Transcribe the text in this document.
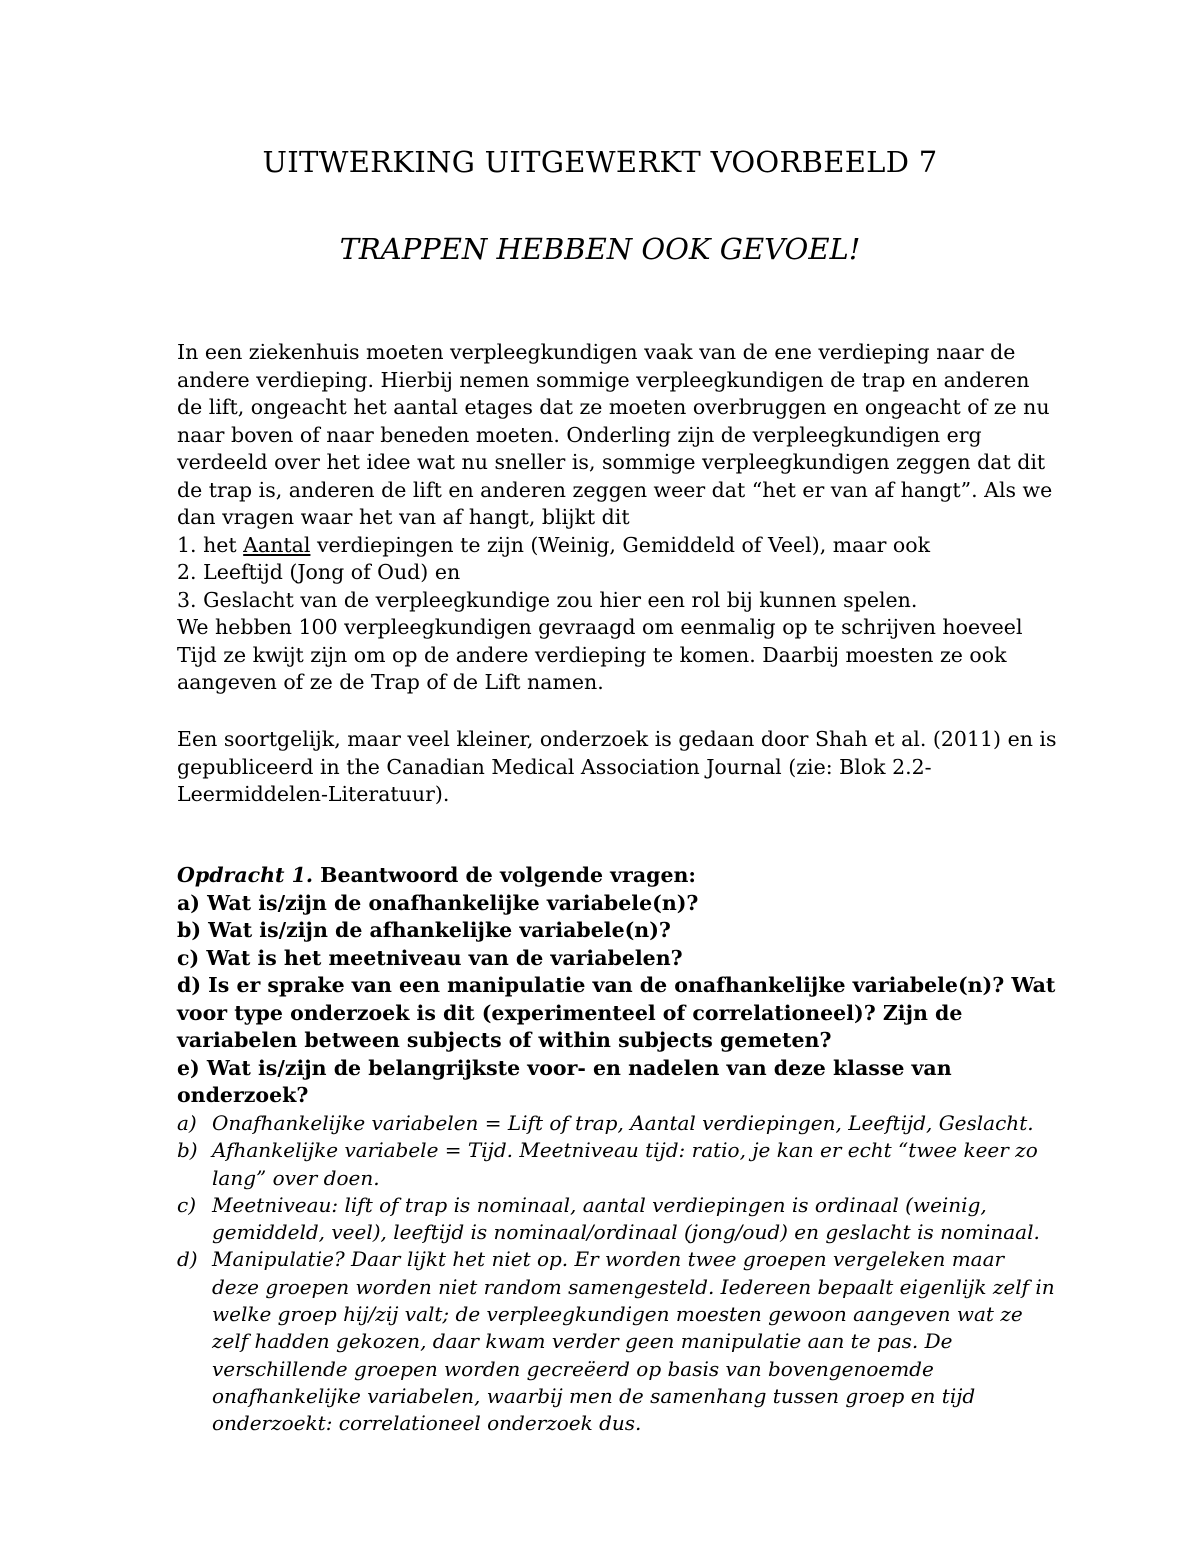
UITWERKING UITGEWERKT VOORBEELD 7
TRAPPEN HEBBEN OOK GEVOEL!

In een ziekenhuis moeten verpleegkundigen vaak van de ene verdieping naar de andere verdieping. Hierbij nemen sommige verpleegkundigen de trap en anderen de lift, ongeacht het aantal etages dat ze moeten overbruggen en ongeacht of ze nu naar boven of naar beneden moeten. Onderling zijn de verpleegkundigen erg verdeeld over het idee wat nu sneller is, sommige verpleegkundigen zeggen dat dit de trap is, anderen de lift en anderen zeggen weer dat “het er van af hangt”. Als we dan vragen waar het van af hangt, blijkt dit

1. het Aantal verdiepingen te zijn (Weinig, Gemiddeld of Veel), maar ook

2. Leeftijd (Jong of Oud) en

3. Geslacht van de verpleegkundige zou hier een rol bij kunnen spelen.

We hebben 100 verpleegkundigen gevraagd om eenmalig op te schrijven hoeveel Tijd ze kwijt zijn om op de andere verdieping te komen. Daarbij moesten ze ook aangeven of ze de Trap of de Lift namen.

Een soortgelijk, maar veel kleiner, onderzoek is gedaan door Shah et al. (2011) en is gepubliceerd in the Canadian Medical Association Journal (zie: Blok 2.2-Leermiddelen-Literatuur).

Opdracht 1. Beantwoord de volgende vragen:

a) Wat is/zijn de onafhankelijke variabele(n)?

b) Wat is/zijn de afhankelijke variabele(n)?

c) Wat is het meetniveau van de variabelen?

d) Is er sprake van een manipulatie van de onafhankelijke variabele(n)? Wat voor type onderzoek is dit (experimenteel of correlationeel)? Zijn de variabelen between subjects of within subjects gemeten?

e) Wat is/zijn de belangrijkste voor- en nadelen van deze klasse van onderzoek?

a) Onafhankelijke variabelen = Lift of trap, Aantal verdiepingen, Leeftijd, Geslacht.
b) Afhankelijke variabele = Tijd. Meetniveau tijd: ratio, je kan er echt “twee keer zo lang” over doen.
c) Meetniveau: lift of trap is nominaal, aantal verdiepingen is ordinaal (weinig, gemiddeld, veel), leeftijd is nominaal/ordinaal (jong/oud) en geslacht is nominaal.
d) Manipulatie? Daar lijkt het niet op. Er worden twee groepen vergeleken maar deze groepen worden niet random samengesteld. Iedereen bepaalt eigenlijk zelf in welke groep hij/zij valt; de verpleegkundigen moesten gewoon aangeven wat ze zelf hadden gekozen, daar kwam verder geen manipulatie aan te pas. De verschillende groepen worden gecreëerd op basis van bovengenoemde onafhankelijke variabelen, waarbij men de samenhang tussen groep en tijd onderzoekt: correlationeel onderzoek dus.
